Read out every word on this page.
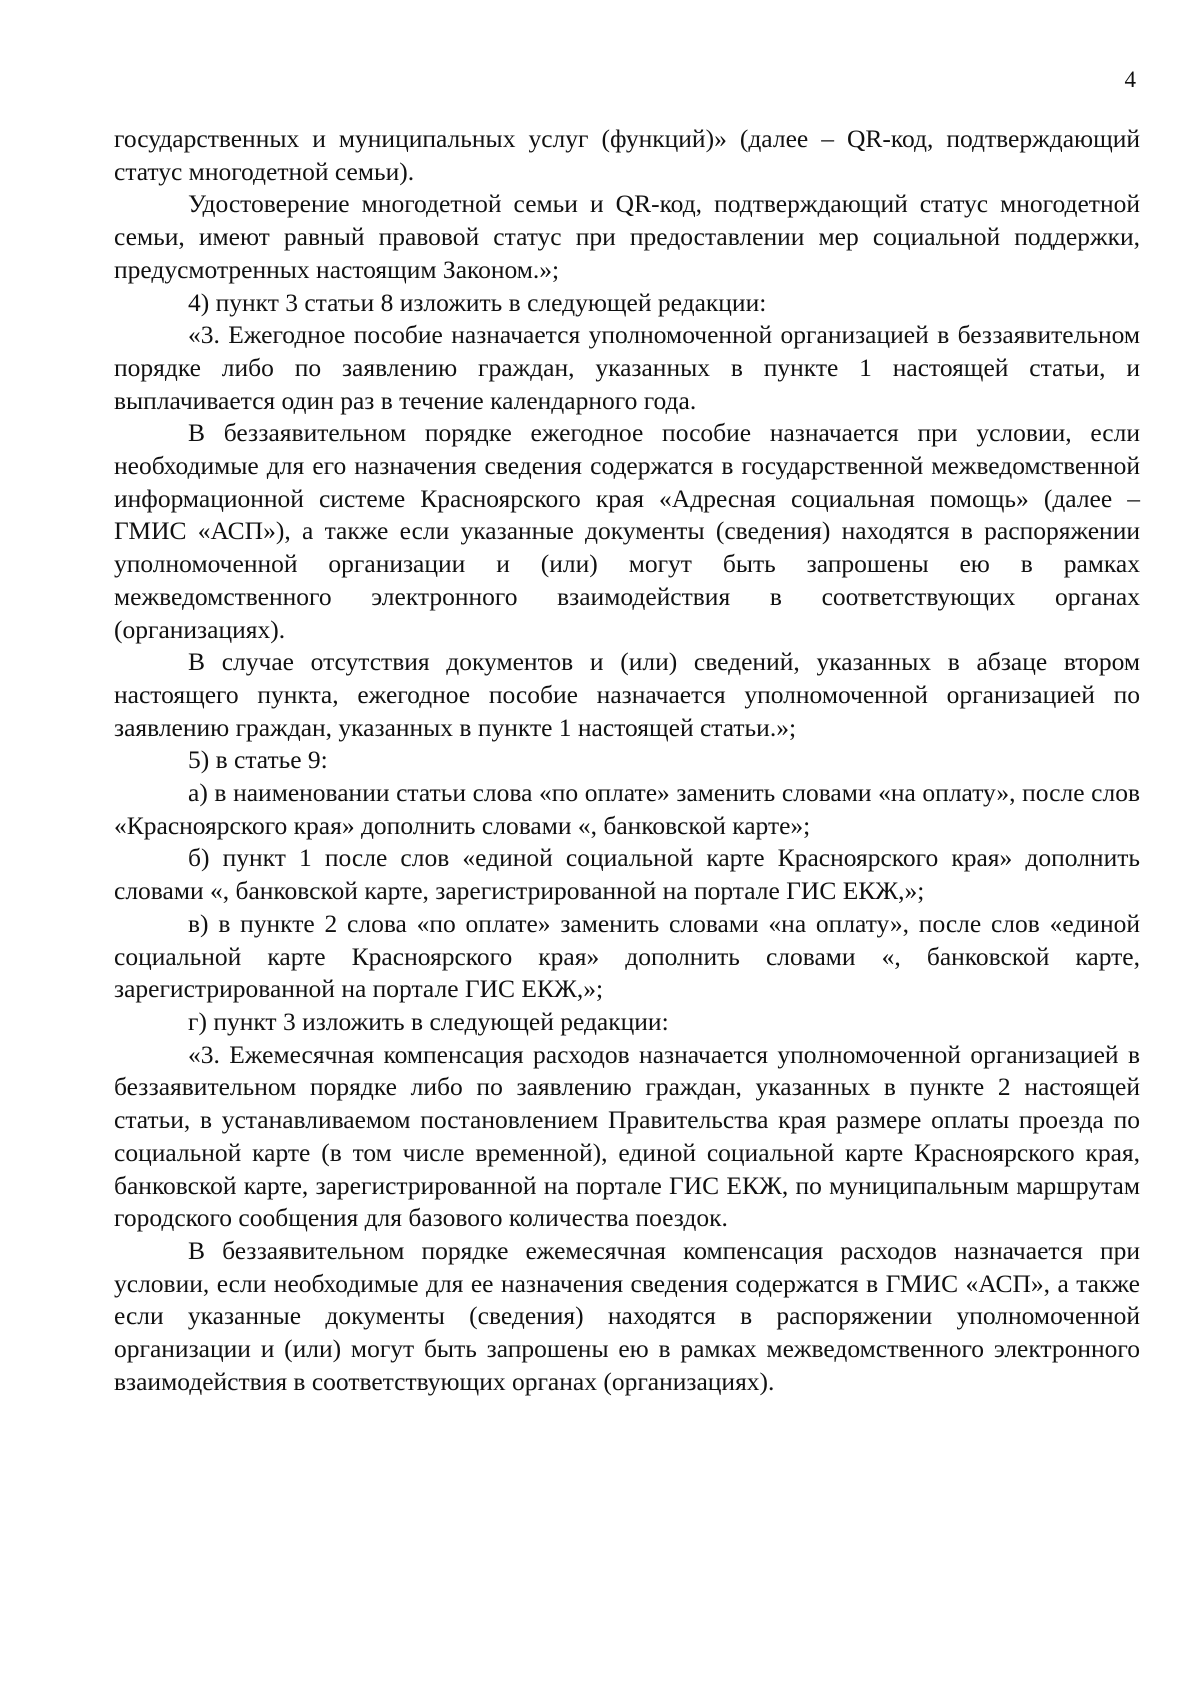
4

государственных и муниципальных услуг (функций)» (далее – QR-код, подтверждающий статус многодетной семьи).

Удостоверение многодетной семьи и QR-код, подтверждающий статус многодетной семьи, имеют равный правовой статус при предоставлении мер социальной поддержки, предусмотренных настоящим Законом.»;

4) пункт 3 статьи 8 изложить в следующей редакции:

«3. Ежегодное пособие назначается уполномоченной организацией в беззаявительном порядке либо по заявлению граждан, указанных в пункте 1 настоящей статьи, и выплачивается один раз в течение календарного года.

В беззаявительном порядке ежегодное пособие назначается при условии, если необходимые для его назначения сведения содержатся в государственной межведомственной информационной системе Красноярского края «Адресная социальная помощь» (далее – ГМИС «АСП»), а также если указанные документы (сведения) находятся в распоряжении уполномоченной организации и (или) могут быть запрошены ею в рамках межведомственного электронного взаимодействия в соответствующих органах (организациях).

В случае отсутствия документов и (или) сведений, указанных в абзаце втором настоящего пункта, ежегодное пособие назначается уполномоченной организацией по заявлению граждан, указанных в пункте 1 настоящей статьи.»;

5) в статье 9:

а) в наименовании статьи слова «по оплате» заменить словами «на оплату», после слов «Красноярского края» дополнить словами «, банковской карте»;

б) пункт 1 после слов «единой социальной карте Красноярского края» дополнить словами «, банковской карте, зарегистрированной на портале ГИС ЕКЖ,»;

в) в пункте 2 слова «по оплате» заменить словами «на оплату», после слов «единой социальной карте Красноярского края» дополнить словами «, банковской карте, зарегистрированной на портале ГИС ЕКЖ,»;

г) пункт 3 изложить в следующей редакции:

«3. Ежемесячная компенсация расходов назначается уполномоченной организацией в беззаявительном порядке либо по заявлению граждан, указанных в пункте 2 настоящей статьи, в устанавливаемом постановлением Правительства края размере оплаты проезда по социальной карте (в том числе временной), единой социальной карте Красноярского края, банковской карте, зарегистрированной на портале ГИС ЕКЖ, по муниципальным маршрутам городского сообщения для базового количества поездок.

В беззаявительном порядке ежемесячная компенсация расходов назначается при условии, если необходимые для ее назначения сведения содержатся в ГМИС «АСП», а также если указанные документы (сведения) находятся в распоряжении уполномоченной организации и (или) могут быть запрошены ею в рамках межведомственного электронного взаимодействия в соответствующих органах (организациях).
